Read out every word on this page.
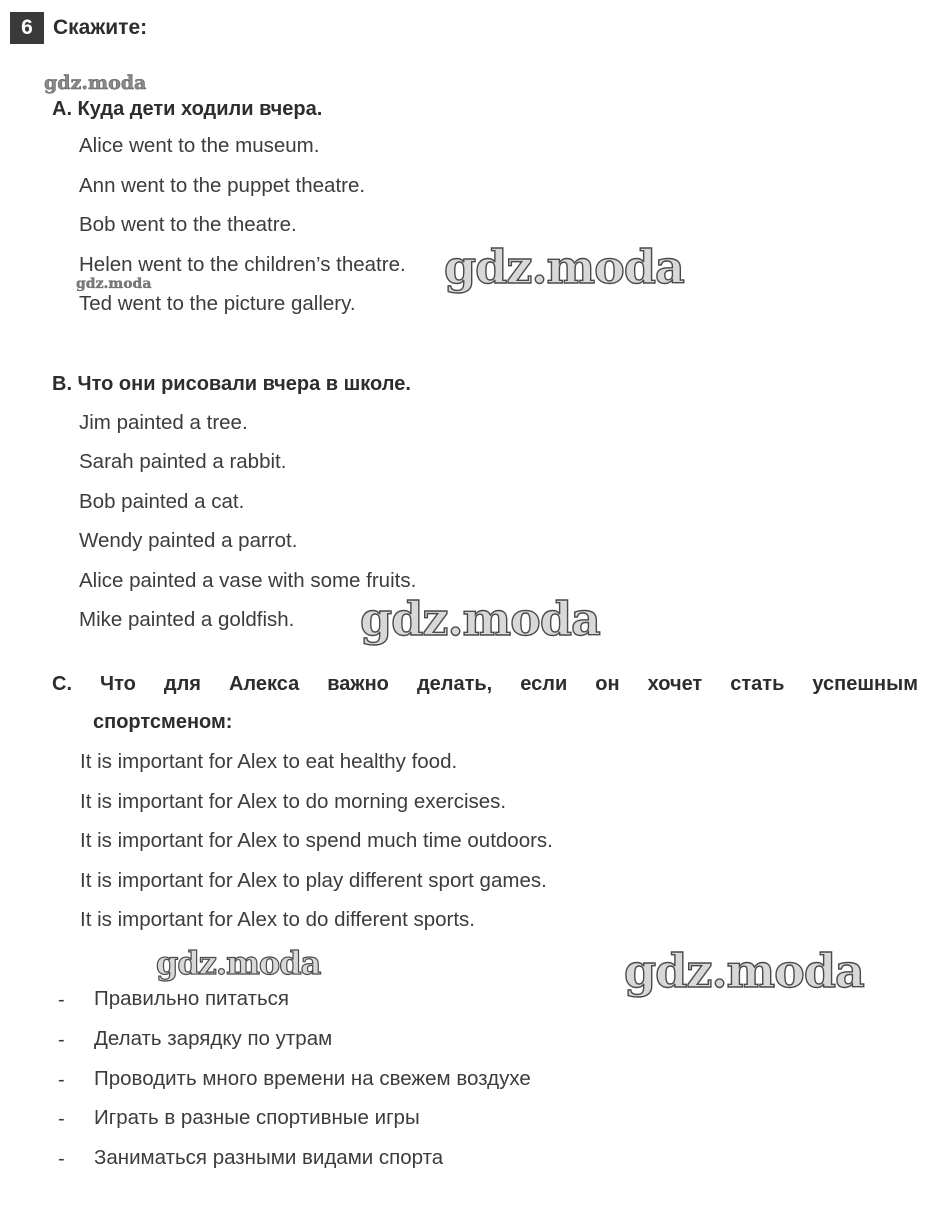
6 Скажите:
gdz.moda
gdz.moda
gdz.moda
gdz.moda
gdz.moda	gdz.moda
A. Куда дети ходили вчера.
Alice went to the museum.
Ann went to the puppet theatre.
Bob went to the theatre.
Helen went to the children’s theatre.
Ted went to the picture gallery.
B. Что они рисовали вчера в школе.
Jim painted a tree.
Sarah painted a rabbit.
Bob painted a cat.
Wendy painted a parrot.
Alice painted a vase with some fruits.
Mike painted a goldfish.
C. Что для Алекса важно делать, если он хочет стать успешным
спортсменом:
It is important for Alex to eat healthy food.
It is important for Alex to do morning exercises.
It is important for Alex to spend much time outdoors.
It is important for Alex to play different sport games.
It is important for Alex to do different sports.
- Правильно питаться
- Делать зарядку по утрам
- Проводить много времени на свежем воздухе
- Играть в разные спортивные игры
- Заниматься разными видами спорта
